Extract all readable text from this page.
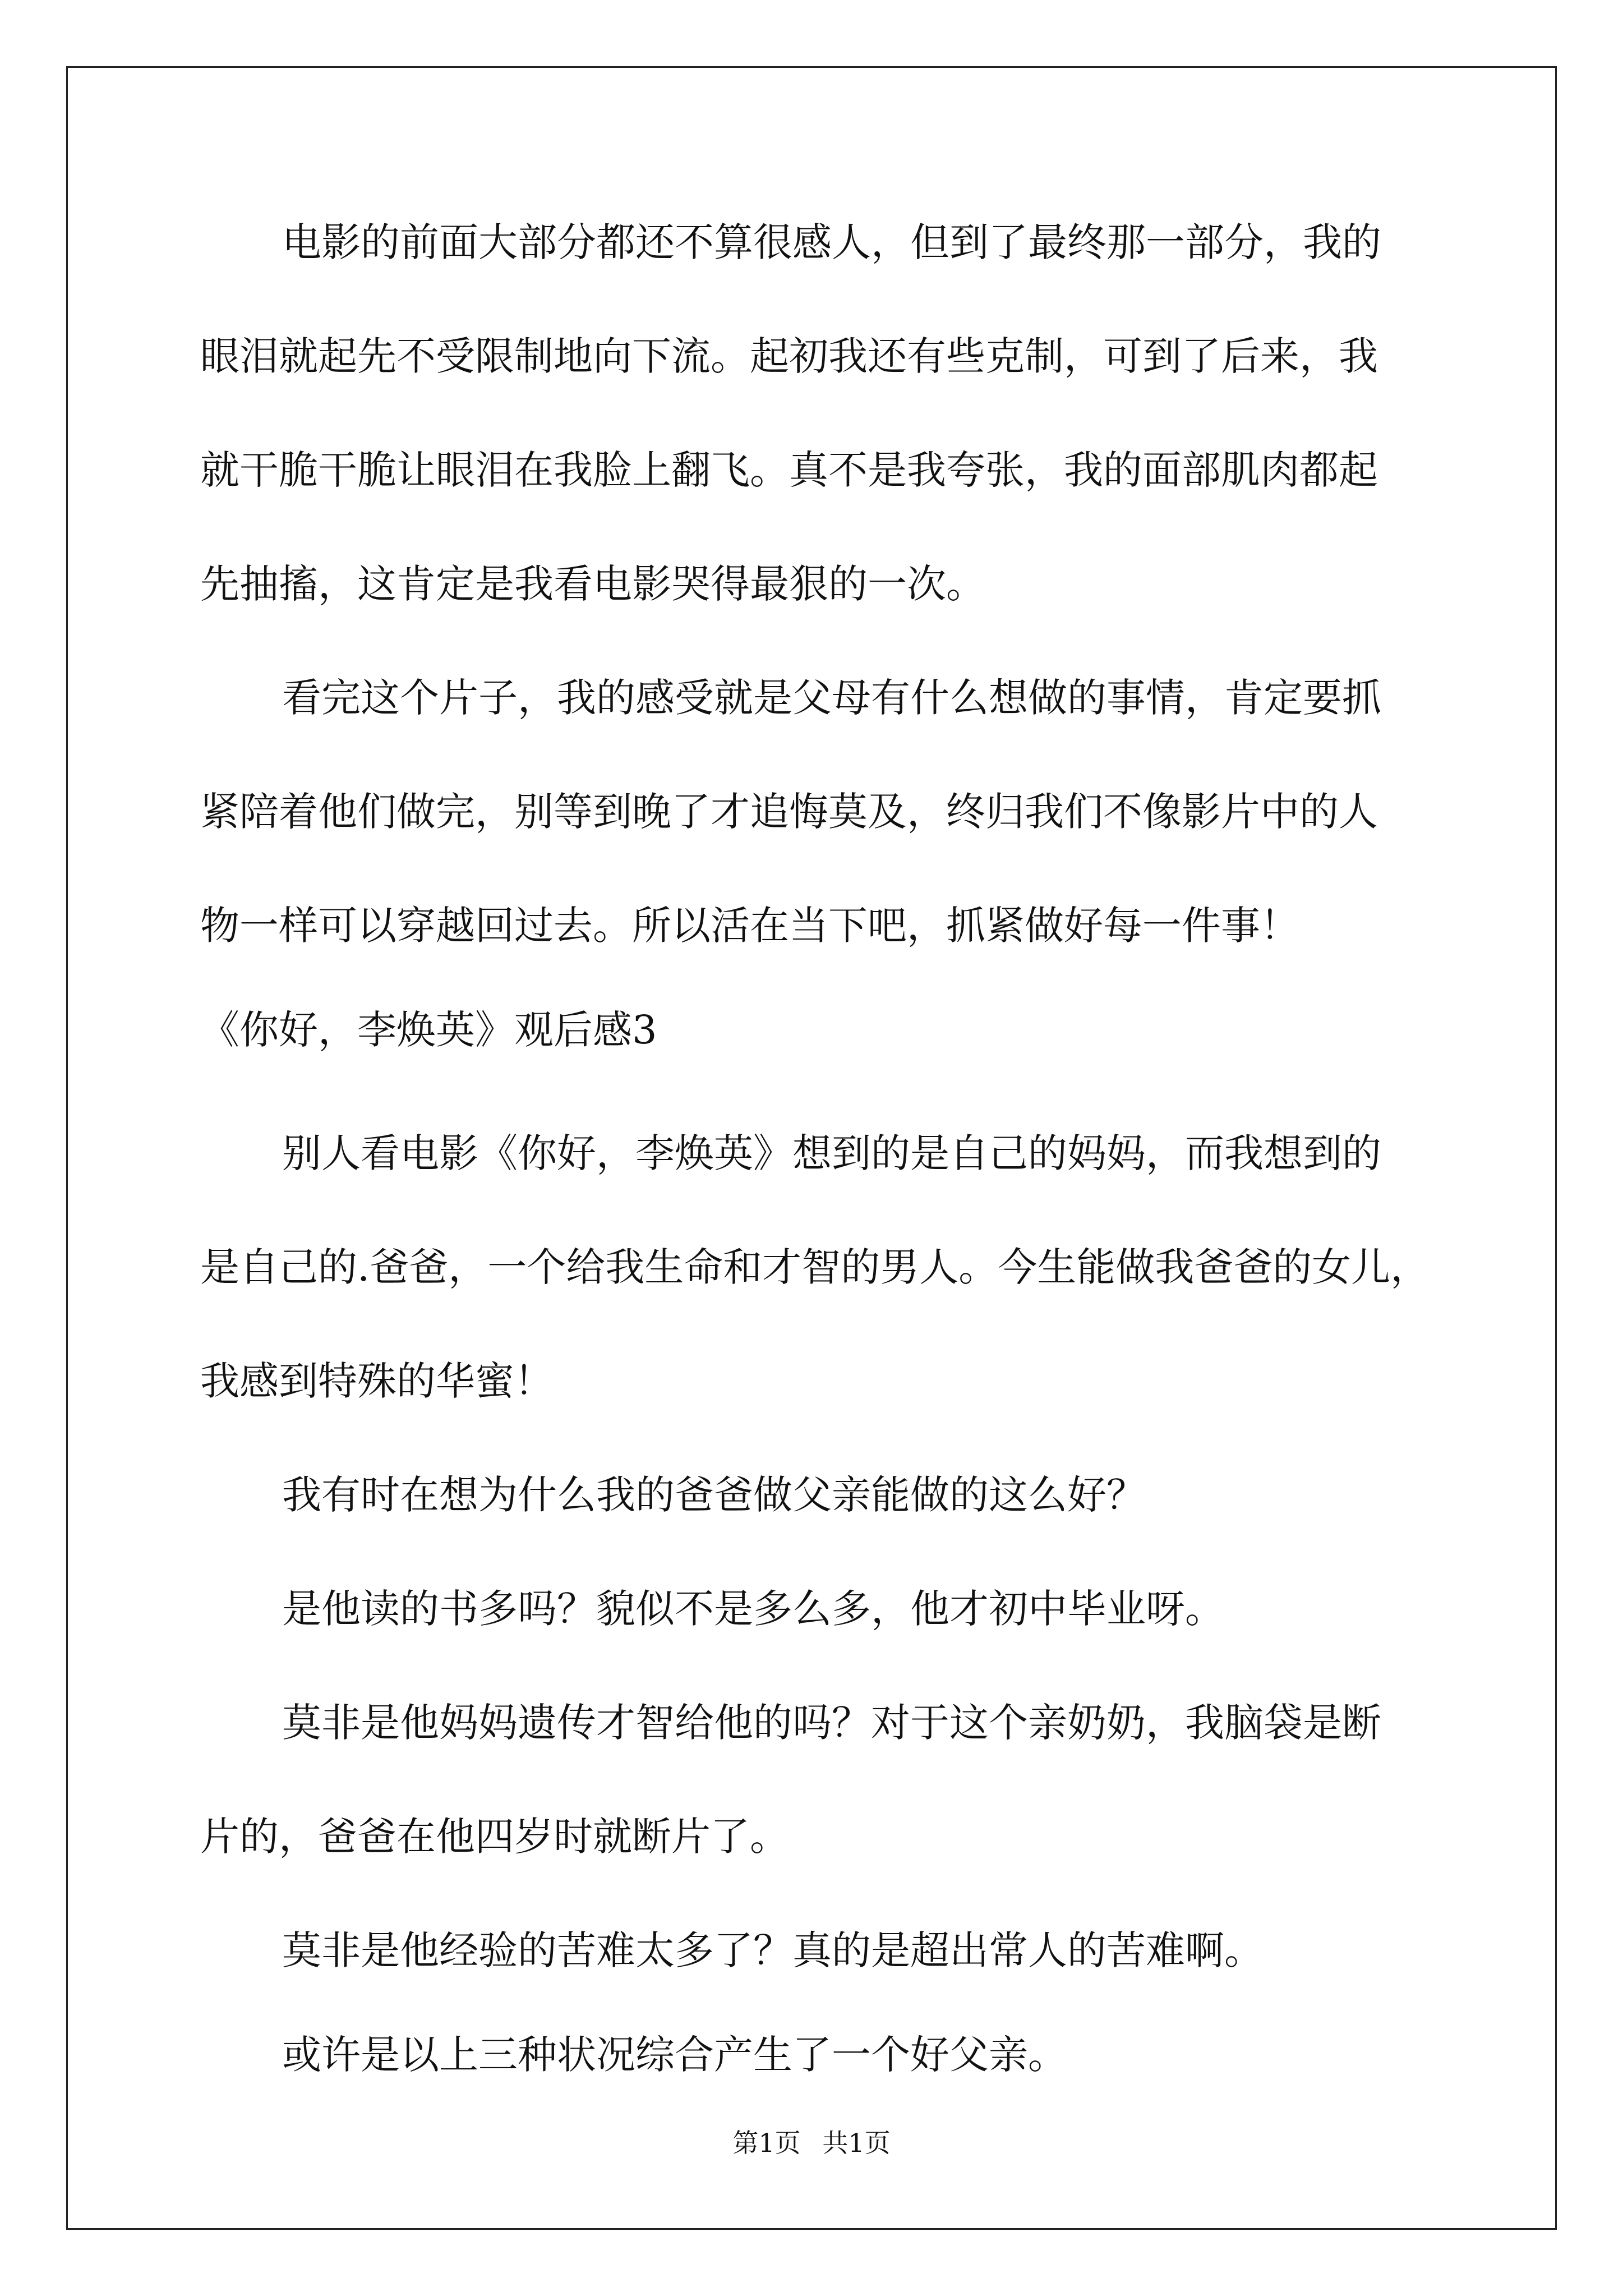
电影的前面大部分都还不算很感人，但到了最终那一部分，我的
眼泪就起先不受限制地向下流。起初我还有些克制，可到了后来，我
就干脆干脆让眼泪在我脸上翻飞。真不是我夸张，我的面部肌肉都起
先抽搐，这肯定是我看电影哭得最狠的一次。
看完这个片子，我的感受就是父母有什么想做的事情，肯定要抓
紧陪着他们做完，别等到晚了才追悔莫及，终归我们不像影片中的人
物一样可以穿越回过去。所以活在当下吧，抓紧做好每一件事！
《你好，李焕英》观后感3
别人看电影《你好，李焕英》想到的是自己的妈妈，而我想到的
是自己的.爸爸，一个给我生命和才智的男人。今生能做我爸爸的女儿，
我感到特殊的华蜜！
我有时在想为什么我的爸爸做父亲能做的这么好？
是他读的书多吗？貌似不是多么多，他才初中毕业呀。
莫非是他妈妈遗传才智给他的吗？对于这个亲奶奶，我脑袋是断
片的，爸爸在他四岁时就断片了。
莫非是他经验的苦难太多了？真的是超出常人的苦难啊。
或许是以上三种状况综合产生了一个好父亲。
第1页 共1页
